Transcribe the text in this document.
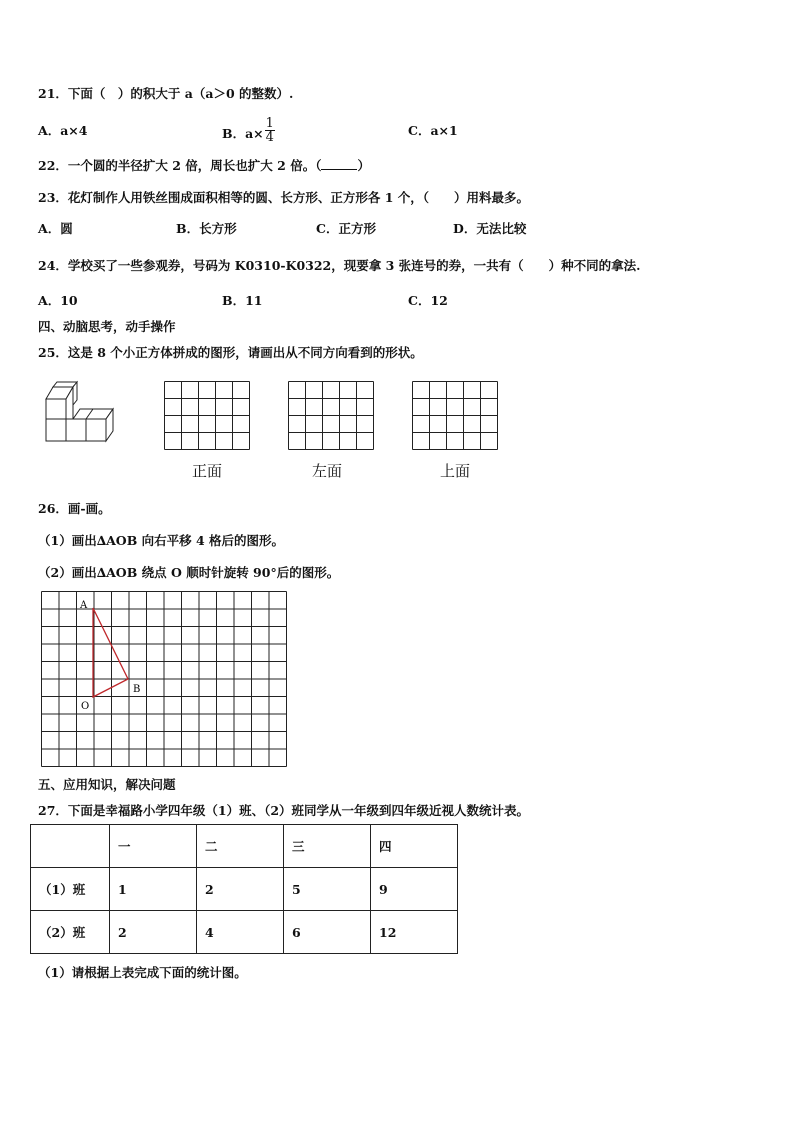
21．下面（　）的积大于 a（a＞0 的整数）.
A．a×4	B．$a\times \frac{1}{4}$	C．a×1
22．一个圆的半径扩大 2 倍，周长也扩大 2 倍。（	）
23．花灯制作人用铁丝围成面积相等的圆、长方形、正方形各 1 个，（　　）用料最多。
A．圆	B．长方形	C．正方形	D．无法比较
24．学校买了一些参观券，号码为 K0310-K0322，现要拿 3 张连号的券，一共有（　　）种不同的拿法.
A．10	B．11	C．12
四、动脑思考，动手操作
25．这是 8 个小正方体拼成的图形，请画出从不同方向看到的形状。
正面	左面	上面
26．画-画。
（1）画出∆AOB 向右平移 4 格后的图形。
（2）画出∆AOB 绕点 O 顺时针旋转 90°后的图形。
A
B
O
五、应用知识，解决问题
27．下面是幸福路小学四年级（1）班、（2）班同学从一年级到四年级近视人数统计表。
	一	二	三	四
（1）班	1	2	5	9
（2）班	2	4	6	12
（1）请根据上表完成下面的统计图。
